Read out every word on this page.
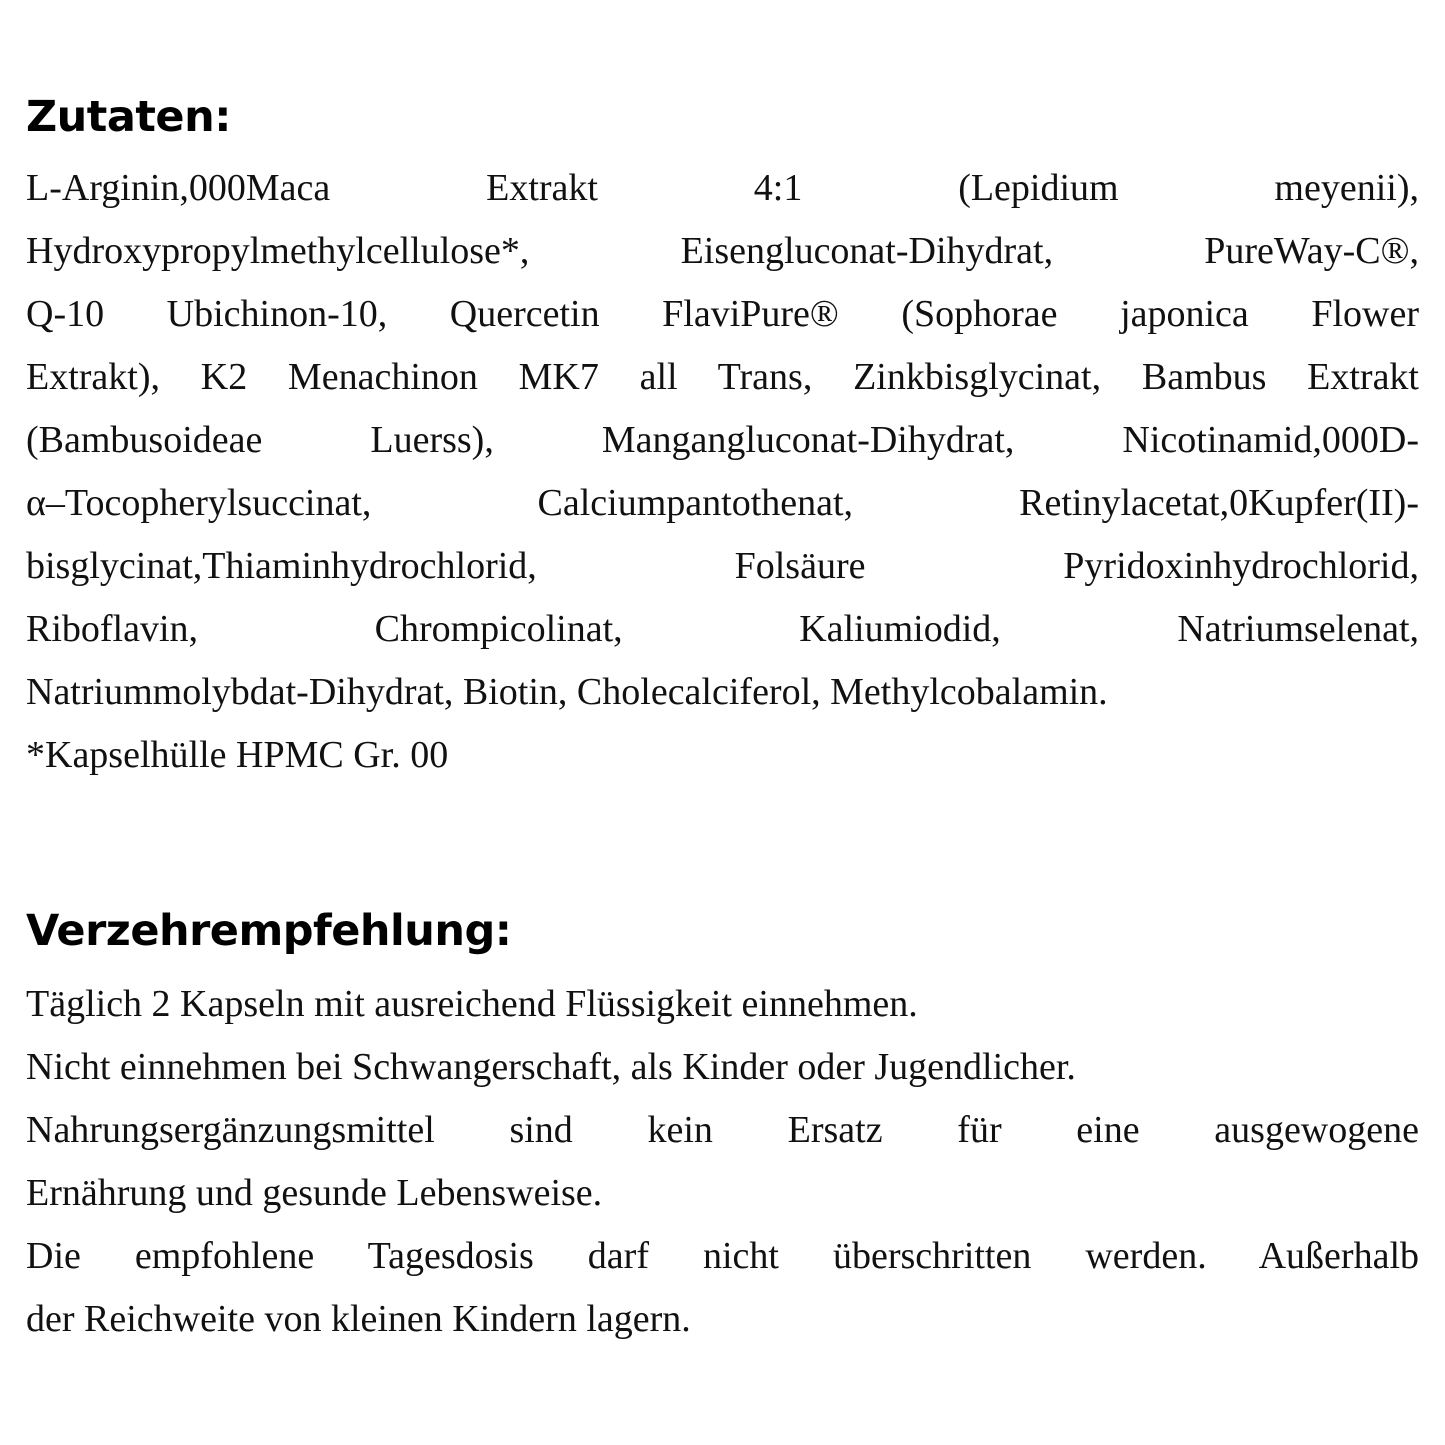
Zutaten:
L-Arginin,000Maca Extrakt 4:1 (Lepidium meyenii),
Hydroxypropylmethylcellulose*, Eisengluconat-Dihydrat, PureWay-C®,
Q-10 Ubichinon-10, Quercetin FlaviPure® (Sophorae japonica Flower
Extrakt), K2 Menachinon MK7 all Trans, Zinkbisglycinat, Bambus Extrakt
(Bambusoideae Luerss), Mangangluconat-Dihydrat, Nicotinamid,000D-
α–Tocopherylsuccinat, Calciumpantothenat, Retinylacetat,0Kupfer(II)-
bisglycinat,Thiaminhydrochlorid, Folsäure Pyridoxinhydrochlorid,
Riboflavin, Chrompicolinat, Kaliumiodid, Natriumselenat,
Natriummolybdat-Dihydrat, Biotin, Cholecalciferol, Methylcobalamin.
*Kapselhülle HPMC Gr. 00
Verzehrempfehlung:
Täglich 2 Kapseln mit ausreichend Flüssigkeit einnehmen.
Nicht einnehmen bei Schwangerschaft, als Kinder oder Jugendlicher.
Nahrungsergänzungsmittel sind kein Ersatz für eine ausgewogene
Ernährung und gesunde Lebensweise.
Die empfohlene Tagesdosis darf nicht überschritten werden. Außerhalb
der Reichweite von kleinen Kindern lagern.
